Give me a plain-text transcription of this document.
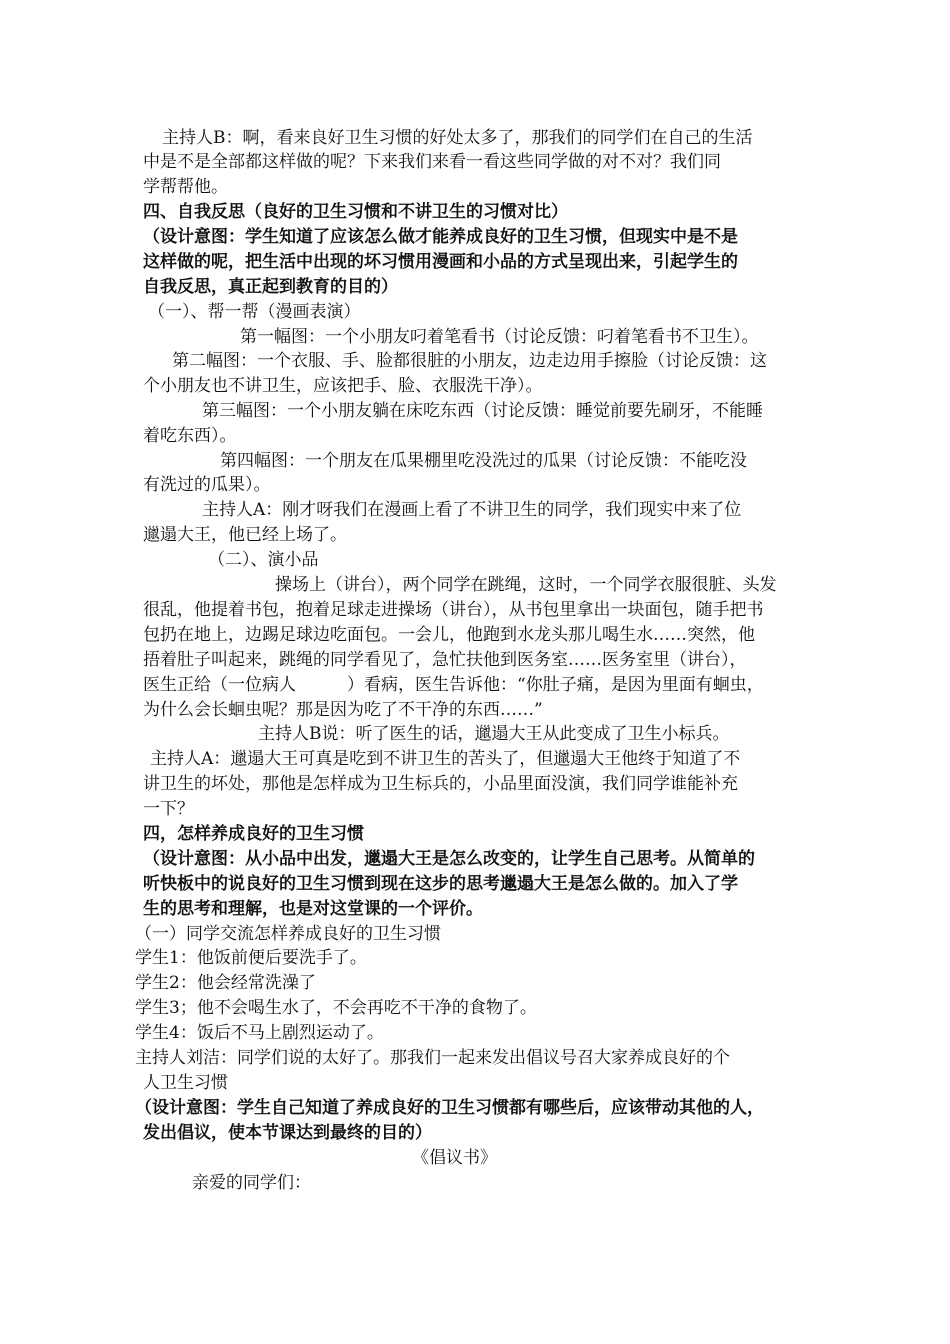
主持人B：啊，看来良好卫生习惯的好处太多了，那我们的同学们在自己的生活
中是不是全部都这样做的呢？下来我们来看一看这些同学做的对不对？我们同
学帮帮他。
四、自我反思（良好的卫生习惯和不讲卫生的习惯对比）
（设计意图：学生知道了应该怎么做才能养成良好的卫生习惯，但现实中是不是
这样做的呢，把生活中出现的坏习惯用漫画和小品的方式呈现出来，引起学生的
自我反思，真正起到教育的目的）
（一）、帮一帮（漫画表演）
第一幅图：一个小朋友叼着笔看书（讨论反馈：叼着笔看书不卫生）。
第二幅图：一个衣服、手、脸都很脏的小朋友，边走边用手擦脸（讨论反馈：这
个小朋友也不讲卫生，应该把手、脸、衣服洗干净）。
第三幅图：一个小朋友躺在床吃东西（讨论反馈：睡觉前要先刷牙，不能睡
着吃东西）。
第四幅图：一个朋友在瓜果棚里吃没洗过的瓜果（讨论反馈：不能吃没
有洗过的瓜果）。
主持人A：刚才呀我们在漫画上看了不讲卫生的同学，我们现实中来了位
邋遢大王，他已经上场了。
（二）、演小品
操场上（讲台），两个同学在跳绳，这时，一个同学衣服很脏、头发
很乱，他提着书包，抱着足球走进操场（讲台），从书包里拿出一块面包，随手把书
包扔在地上，边踢足球边吃面包。一会儿，他跑到水龙头那儿喝生水……突然，他
捂着肚子叫起来，跳绳的同学看见了，急忙扶他到医务室……医务室里（讲台），
医生正给（一位病人　　　）看病，医生告诉他：“你肚子痛，是因为里面有蛔虫，
为什么会长蛔虫呢？那是因为吃了不干净的东西……”
主持人B说：听了医生的话，邋遢大王从此变成了卫生小标兵。
主持人A：邋遢大王可真是吃到不讲卫生的苦头了，但邋遢大王他终于知道了不
讲卫生的坏处，那他是怎样成为卫生标兵的，小品里面没演，我们同学谁能补充
一下？
四，怎样养成良好的卫生习惯
（设计意图：从小品中出发，邋遢大王是怎么改变的，让学生自己思考。从简单的
听快板中的说良好的卫生习惯到现在这步的思考邋遢大王是怎么做的。加入了学
生的思考和理解，也是对这堂课的一个评价。
（一）同学交流怎样养成良好的卫生习惯
学生1：他饭前便后要洗手了。
学生2：他会经常洗澡了
学生3；他不会喝生水了，不会再吃不干净的食物了。
学生4：饭后不马上剧烈运动了。
主持人刘洁：同学们说的太好了。那我们一起来发出倡议号召大家养成良好的个
人卫生习惯
（设计意图：学生自己知道了养成良好的卫生习惯都有哪些后，应该带动其他的人，
发出倡议，使本节课达到最终的目的）
《倡议书》
亲爱的同学们：
